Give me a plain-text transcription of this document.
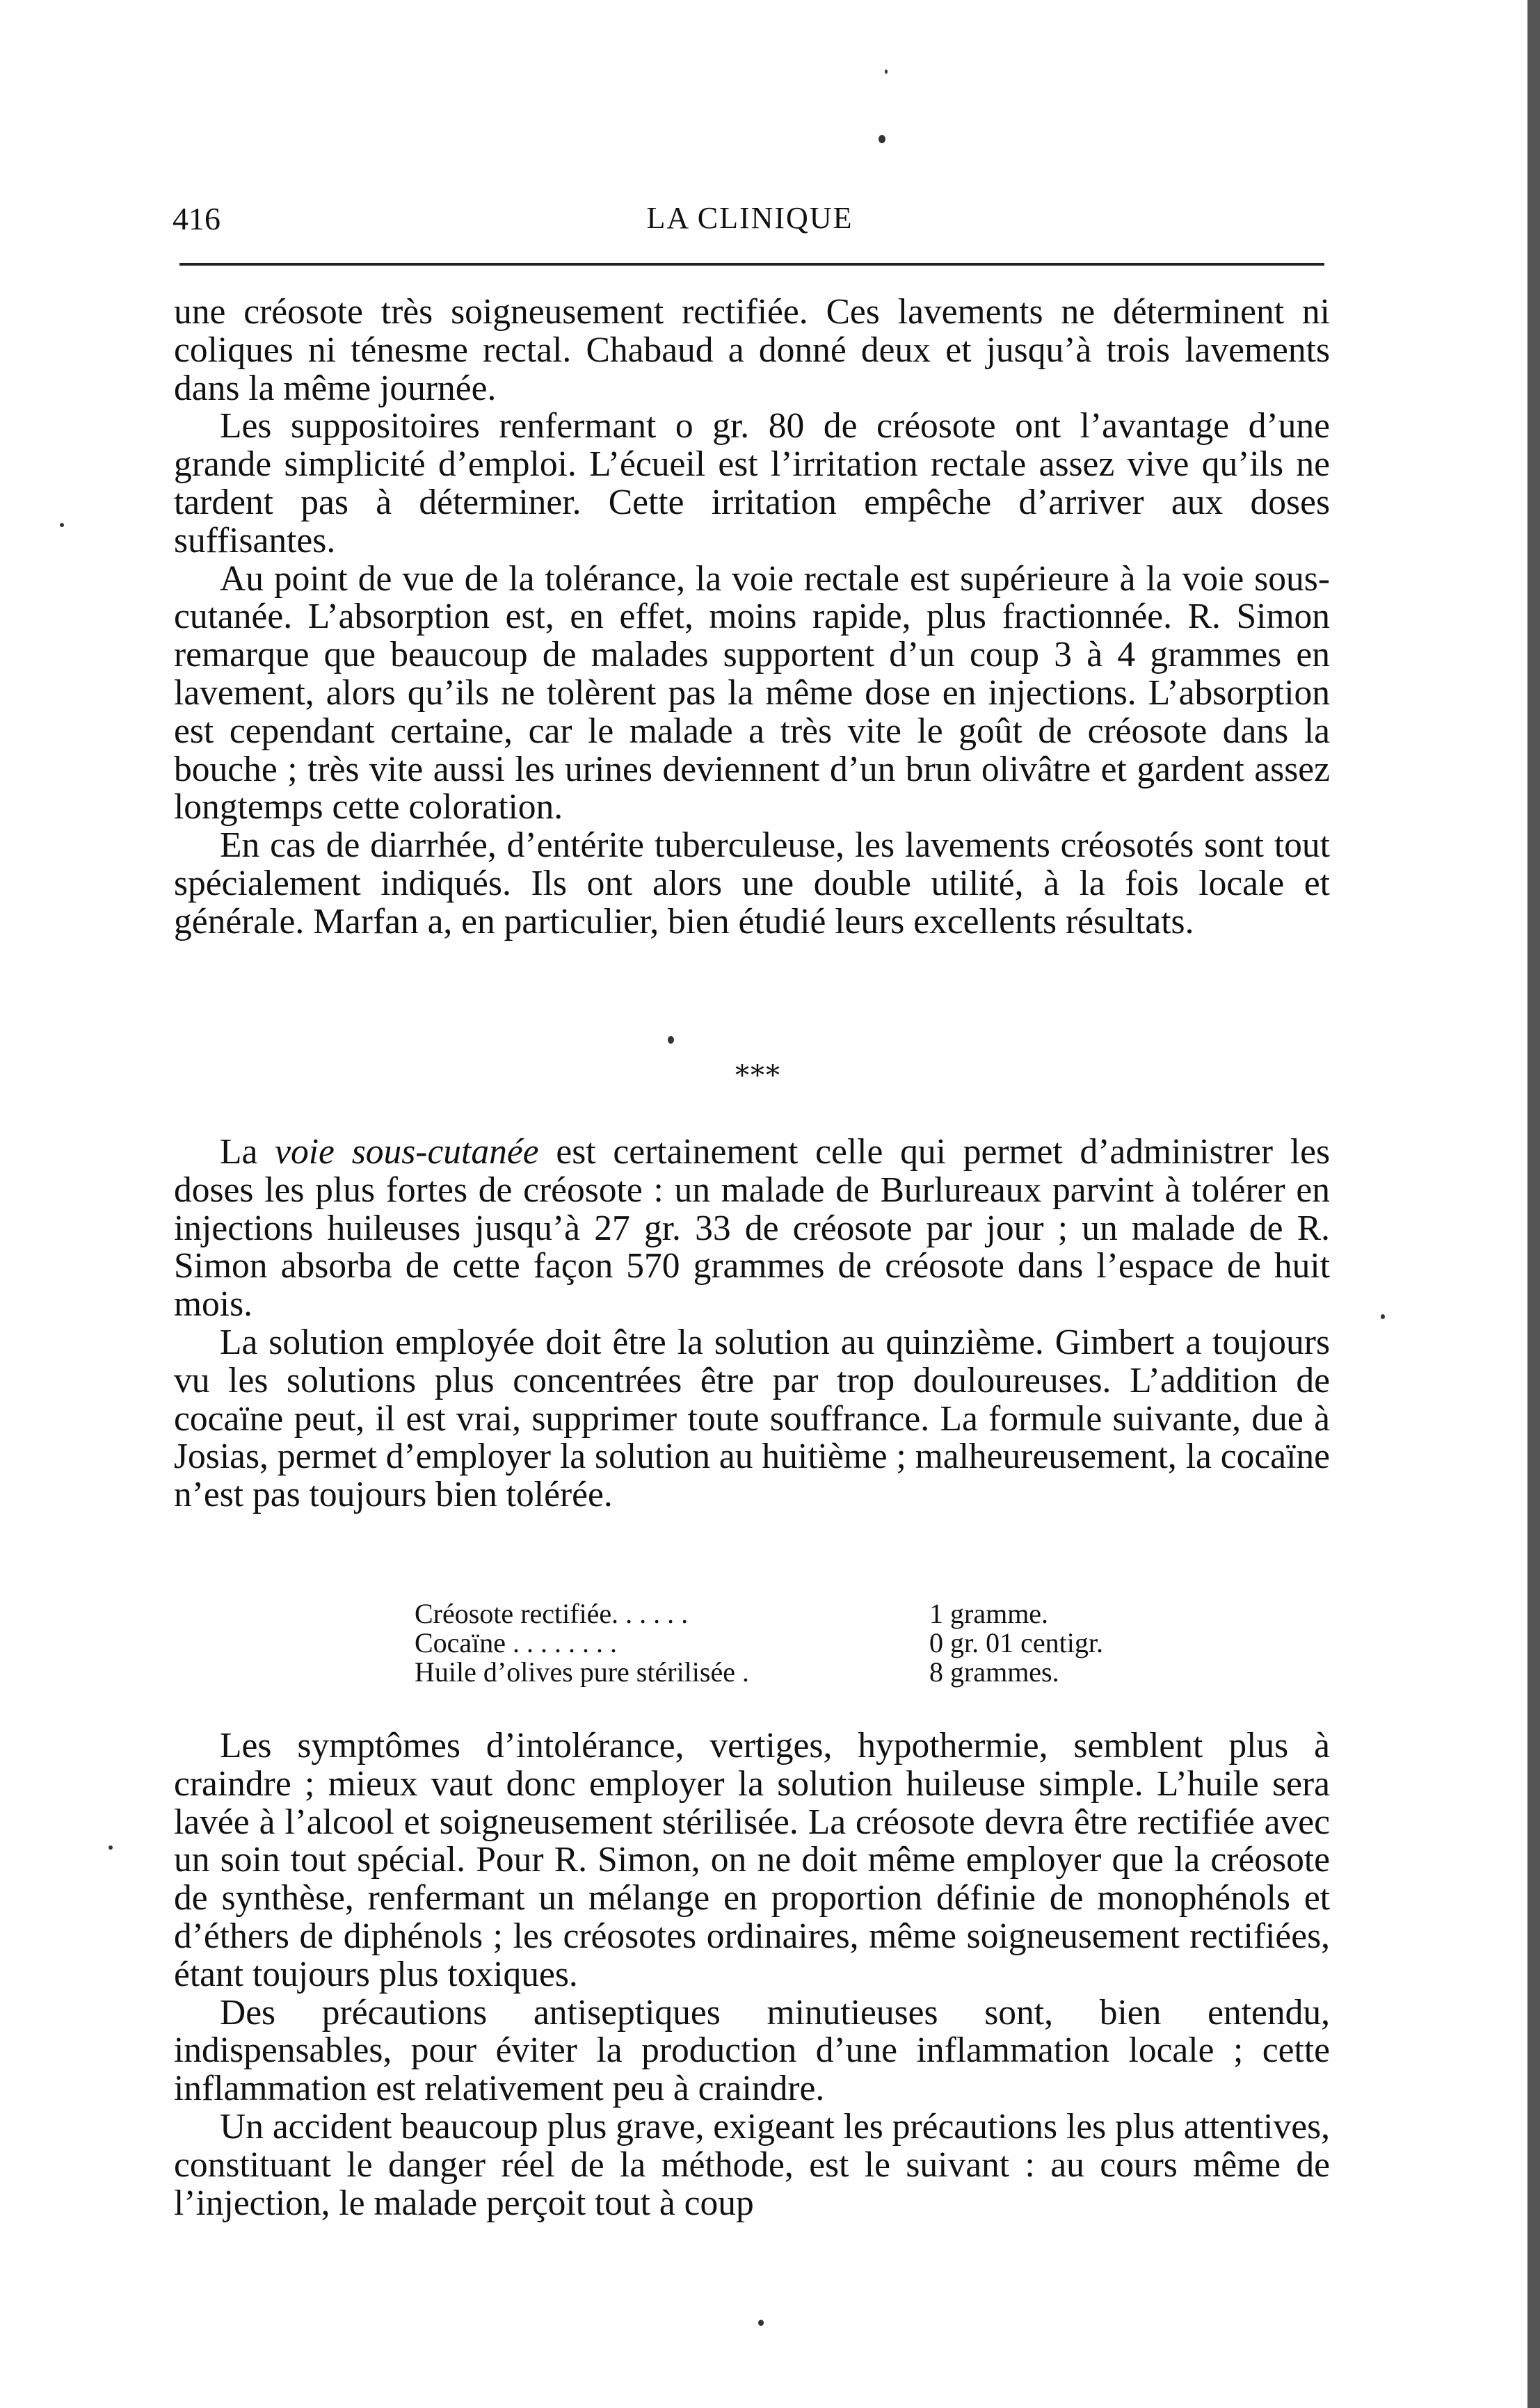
416	LA CLINIQUE

une créosote très soigneusement rectifiée. Ces lavements ne déterminent ni coliques ni ténesme rectal. Chabaud a donné deux et jusqu’à trois lavements dans la même journée.

Les suppositoires renfermant o gr. 80 de créosote ont l’avantage d’une grande simplicité d’emploi. L’écueil est l’irritation rectale assez vive qu’ils ne tardent pas à déterminer. Cette irritation empêche d’arriver aux doses suffisantes.

Au point de vue de la tolérance, la voie rectale est supérieure à la voie sous-cutanée. L’absorption est, en effet, moins rapide, plus fractionnée. R. Simon remarque que beaucoup de malades supportent d’un coup 3 à 4 grammes en lavement, alors qu’ils ne tolèrent pas la même dose en injections. L’absorption est cependant certaine, car le malade a très vite le goût de créosote dans la bouche ; très vite aussi les urines deviennent d’un brun olivâtre et gardent assez longtemps cette coloration.

En cas de diarrhée, d’entérite tuberculeuse, les lavements créosotés sont tout spécialement indiqués. Ils ont alors une double utilité, à la fois locale et générale. Marfan a, en particulier, bien étudié leurs excellents résultats.

***

La voie sous-cutanée est certainement celle qui permet d’administrer les doses les plus fortes de créosote : un malade de Burlureaux parvint à tolérer en injections huileuses jusqu’à 27 gr. 33 de créosote par jour ; un malade de R. Simon absorba de cette façon 570 grammes de créosote dans l’espace de huit mois.

La solution employée doit être la solution au quinzième. Gimbert a toujours vu les solutions plus concentrées être par trop douloureuses. L’addition de cocaïne peut, il est vrai, supprimer toute souffrance. La formule suivante, due à Josias, permet d’employer la solution au huitième ; malheureusement, la cocaïne n’est pas toujours bien tolérée.

Créosote rectifiée. . . . . .	1 gramme.
Cocaïne . . . . . . . .	0 gr. 01 centigr.
Huile d’olives pure stérilisée .	8 grammes.

Les symptômes d’intolérance, vertiges, hypothermie, semblent plus à craindre ; mieux vaut donc employer la solution huileuse simple. L’huile sera lavée à l’alcool et soigneusement stérilisée. La créosote devra être rectifiée avec un soin tout spécial. Pour R. Simon, on ne doit même employer que la créosote de synthèse, renfermant un mélange en proportion définie de monophénols et d’éthers de diphénols ; les créosotes ordinaires, même soigneusement rectifiées, étant toujours plus toxiques.

Des précautions antiseptiques minutieuses sont, bien entendu, indispensables, pour éviter la production d’une inflammation locale ; cette inflammation est relativement peu à craindre.

Un accident beaucoup plus grave, exigeant les précautions les plus attentives, constituant le danger réel de la méthode, est le suivant : au cours même de l’injection, le malade perçoit tout à coup
